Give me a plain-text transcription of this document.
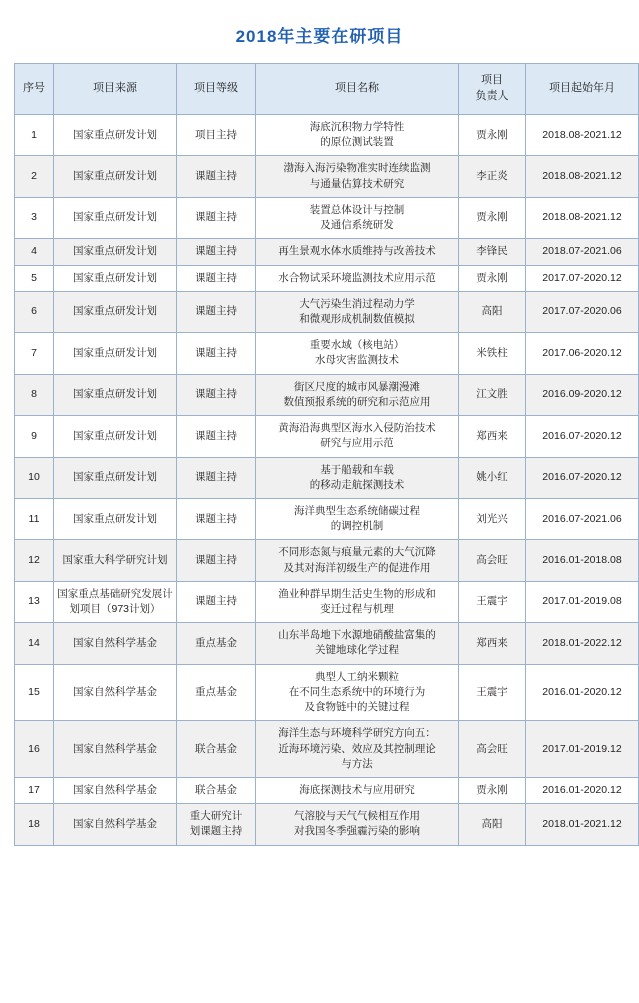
2018年主要在研项目
序号	项目来源	项目等级	项目名称	项目
负责人	项目起始年月
1	国家重点研发计划	项目主持	海底沉积物力学特性
的原位测试装置	贾永刚	2018.08-2021.12
2	国家重点研发计划	课题主持	渤海入海污染物准实时连续监测
与通量估算技术研究	李正炎	2018.08-2021.12
3	国家重点研发计划	课题主持	装置总体设计与控制
及通信系统研发	贾永刚	2018.08-2021.12
4	国家重点研发计划	课题主持	再生景观水体水质维持与改善技术	李锋民	2018.07-2021.06
5	国家重点研发计划	课题主持	水合物试采环境监测技术应用示范	贾永刚	2017.07-2020.12
6	国家重点研发计划	课题主持	大气污染生消过程动力学
和微观形成机制数值模拟	高阳	2017.07-2020.06
7	国家重点研发计划	课题主持	重要水域（核电站）
水母灾害监测技术	米铁柱	2017.06-2020.12
8	国家重点研发计划	课题主持	街区尺度的城市风暴潮漫滩
数值预报系统的研究和示范应用	江文胜	2016.09-2020.12
9	国家重点研发计划	课题主持	黄海沿海典型区海水入侵防治技术
研究与应用示范	郑西来	2016.07-2020.12
10	国家重点研发计划	课题主持	基于船载和车载
的移动走航探测技术	姚小红	2016.07-2020.12
11	国家重点研发计划	课题主持	海洋典型生态系统储碳过程
的调控机制	刘光兴	2016.07-2021.06
12	国家重大科学研究计划	课题主持	不同形态氮与痕量元素的大气沉降
及其对海洋初级生产的促进作用	高会旺	2016.01-2018.08
13	国家重点基础研究发展计
划项目（973计划）	课题主持	渔业种群早期生活史生物的形成和
变迁过程与机理	王震宇	2017.01-2019.08
14	国家自然科学基金	重点基金	山东半岛地下水源地硝酸盐富集的
关键地球化学过程	郑西来	2018.01-2022.12
15	国家自然科学基金	重点基金	典型人工纳米颗粒
在不同生态系统中的环境行为
及食物链中的关键过程	王震宇	2016.01-2020.12
16	国家自然科学基金	联合基金	海洋生态与环境科学研究方向五：
近海环境污染、效应及其控制理论
与方法	高会旺	2017.01-2019.12
17	国家自然科学基金	联合基金	海底探测技术与应用研究	贾永刚	2016.01-2020.12
18	国家自然科学基金	重大研究计
划课题主持	气溶胶与天气气候相互作用
对我国冬季强霾污染的影响	高阳	2018.01-2021.12
